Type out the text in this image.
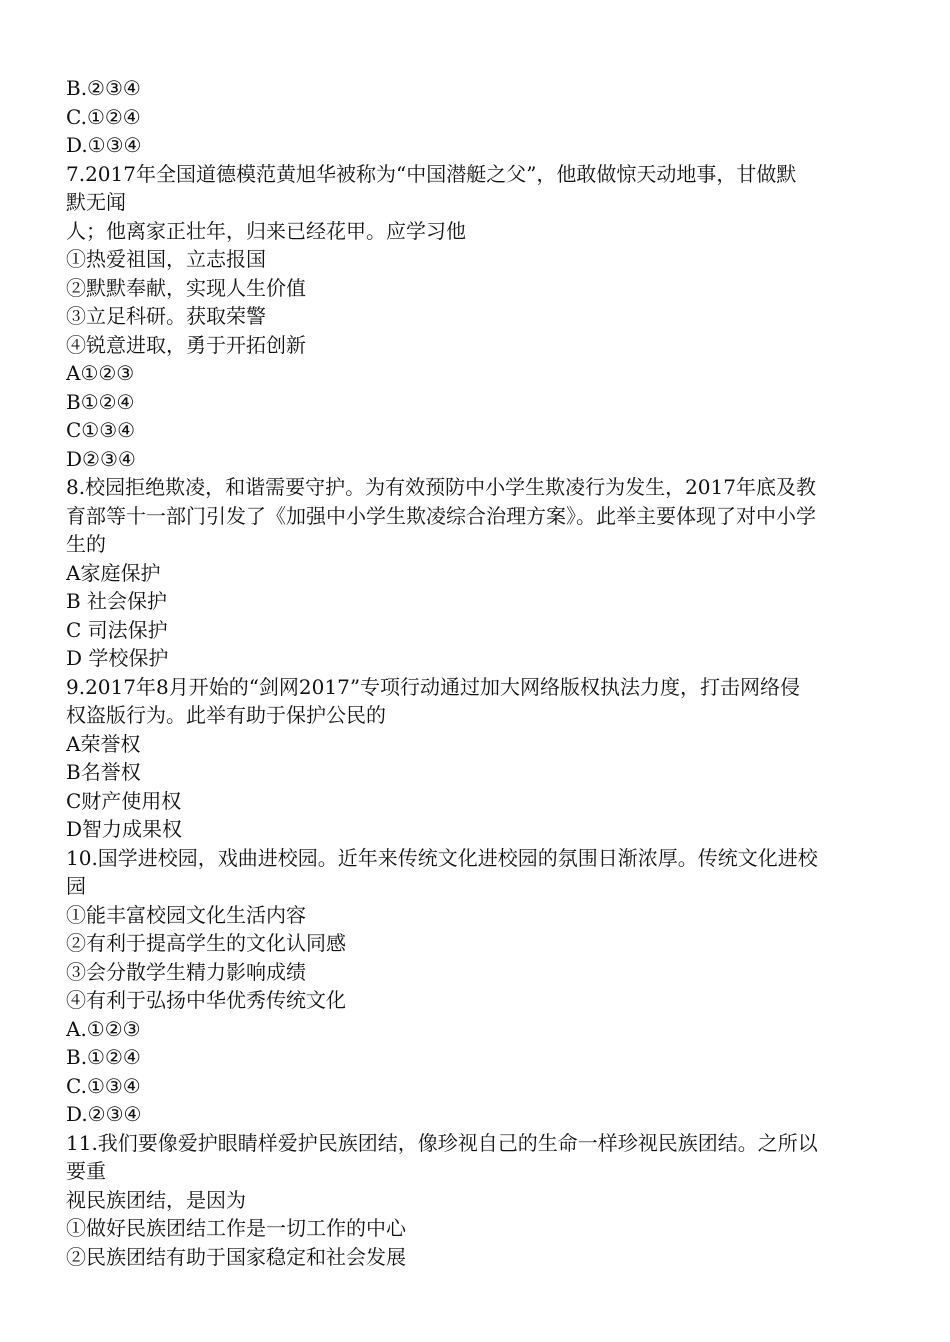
B.②③④
C.①②④
D.①③④
7.2017年全国道德模范黄旭华被称为“中国潜艇之父”，他敢做惊天动地事，甘做默
默无闻
人；他离家正壮年，归来已经花甲。应学习他
①热爱祖国，立志报国
②默默奉献，实现人生价值
③立足科研。获取荣警
④锐意进取，勇于开拓创新
A①②③
B①②④
C①③④
D②③④
8.校园拒绝欺凌，和谐需要守护。为有效预防中小学生欺凌行为发生，2017年底及教
育部等十一部门引发了《加强中小学生欺凌综合治理方案》。此举主要体现了对中小学
生的
A家庭保护
B 社会保护
C 司法保护
D 学校保护
9.2017年8月开始的“剑网2017”专项行动通过加大网络版权执法力度，打击网络侵
权盗版行为。此举有助于保护公民的
A荣誉权
B名誉权
C财产使用权
D智力成果权
10.国学进校园，戏曲进校园。近年来传统文化进校园的氛围日渐浓厚。传统文化进校
园
①能丰富校园文化生活内容
②有利于提高学生的文化认同感
③会分散学生精力影响成绩
④有利于弘扬中华优秀传统文化
A.①②③
B.①②④
C.①③④
D.②③④
11.我们要像爱护眼睛样爱护民族团结，像珍视自己的生命一样珍视民族团结。之所以
要重
视民族团结，是因为
①做好民族团结工作是一切工作的中心
②民族团结有助于国家稳定和社会发展
